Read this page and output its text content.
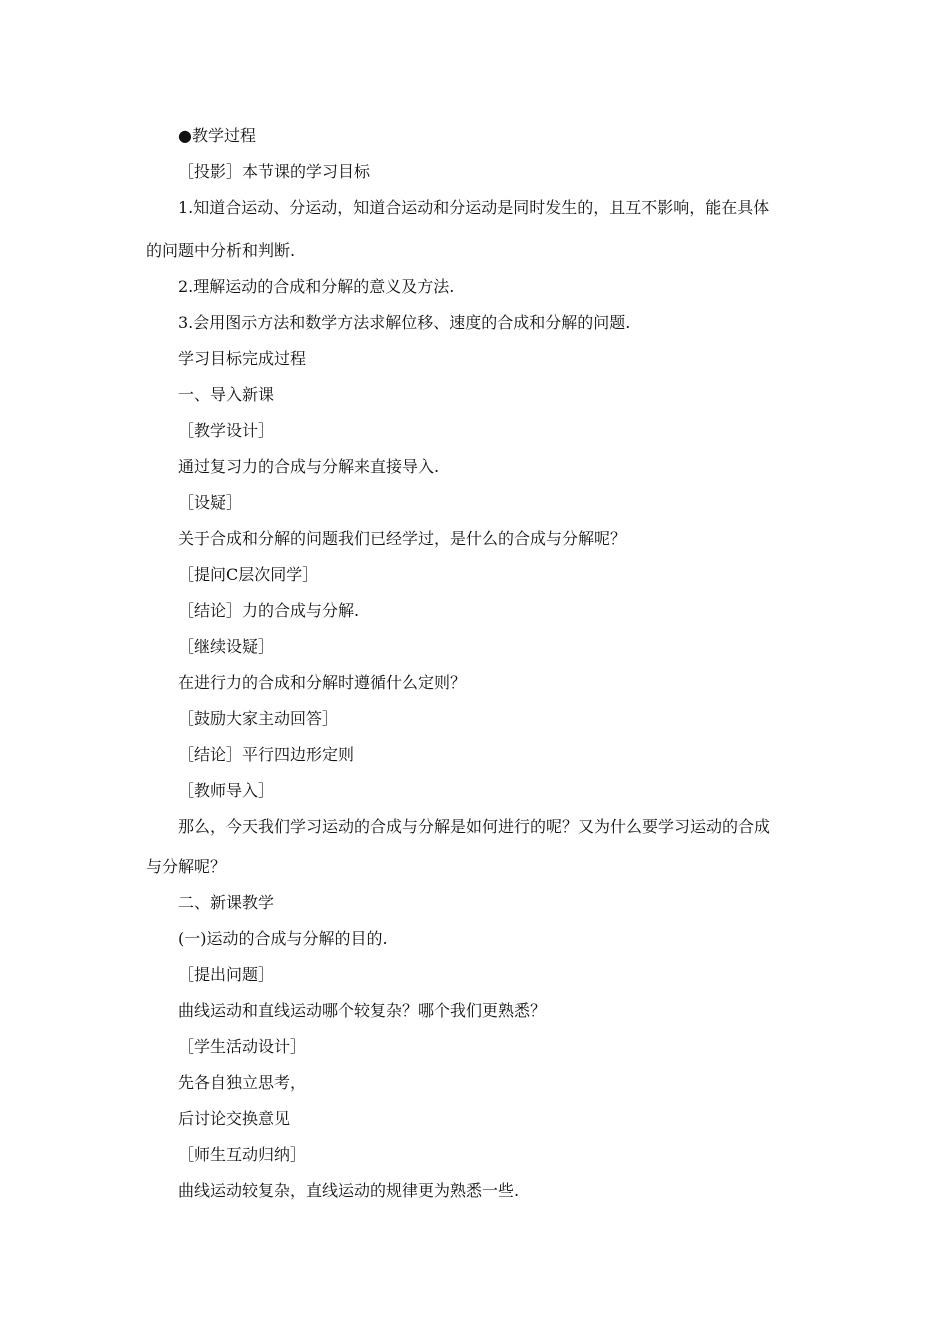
●教学过程
［投影］本节课的学习目标
1.知道合运动、分运动，知道合运动和分运动是同时发生的，且互不影响，能在具体
的问题中分析和判断.
2.理解运动的合成和分解的意义及方法.
3.会用图示方法和数学方法求解位移、速度的合成和分解的问题.
学习目标完成过程
一、导入新课
［教学设计］
通过复习力的合成与分解来直接导入.
［设疑］
关于合成和分解的问题我们已经学过，是什么的合成与分解呢？
［提问C层次同学］
［结论］力的合成与分解.
［继续设疑］
在进行力的合成和分解时遵循什么定则？
［鼓励大家主动回答］
［结论］平行四边形定则
［教师导入］
那么，今天我们学习运动的合成与分解是如何进行的呢？又为什么要学习运动的合成
与分解呢？
二、新课教学
(一)运动的合成与分解的目的.
［提出问题］
曲线运动和直线运动哪个较复杂？哪个我们更熟悉？
［学生活动设计］
先各自独立思考，
后讨论交换意见
［师生互动归纳］
曲线运动较复杂，直线运动的规律更为熟悉一些.
